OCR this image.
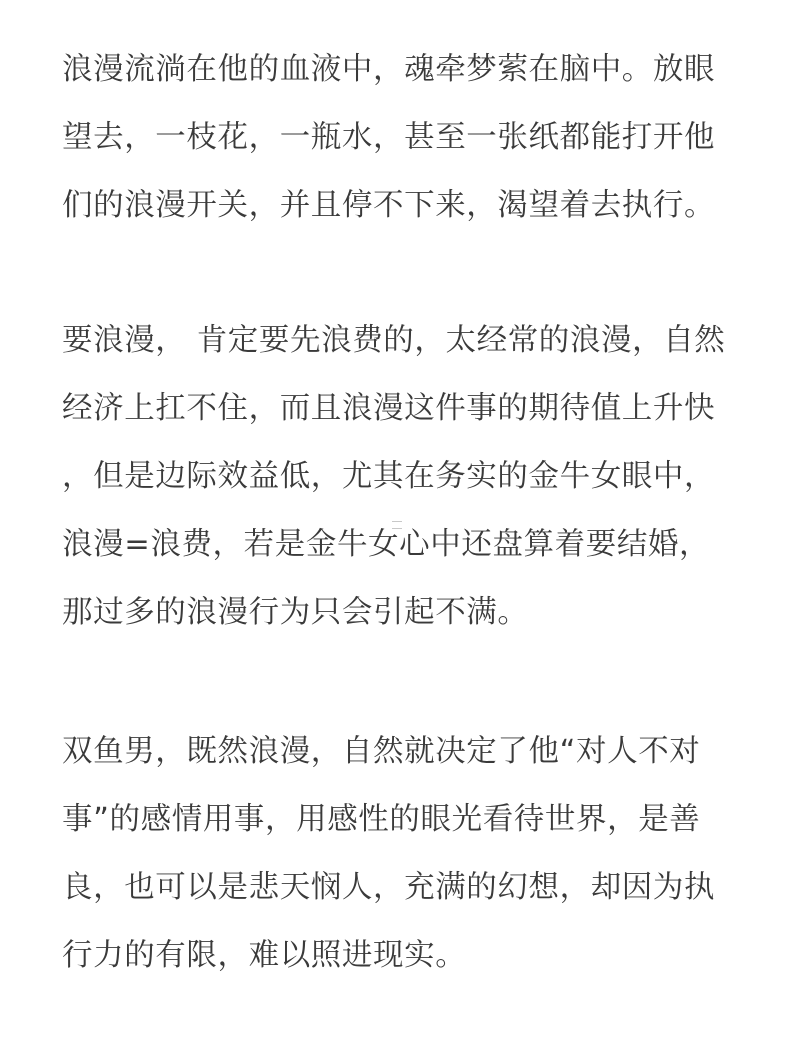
浪漫流淌在他的血液中，魂牵梦萦在脑中。放眼
望去，一枝花，一瓶水，甚至一张纸都能打开他
们的浪漫开关，并且停不下来，渴望着去执行。
要浪漫， 肯定要先浪费的，太经常的浪漫，自然
经济上扛不住，而且浪漫这件事的期待值上升快
，但是边际效益低，尤其在务实的金牛女眼中，
浪漫=浪费，若是金牛女心中还盘算着要结婚，
那过多的浪漫行为只会引起不满。
双鱼男，既然浪漫，自然就决定了他“对人不对
事”的感情用事，用感性的眼光看待世界，是善
良，也可以是悲天悯人，充满的幻想，却因为执
行力的有限，难以照进现实。
